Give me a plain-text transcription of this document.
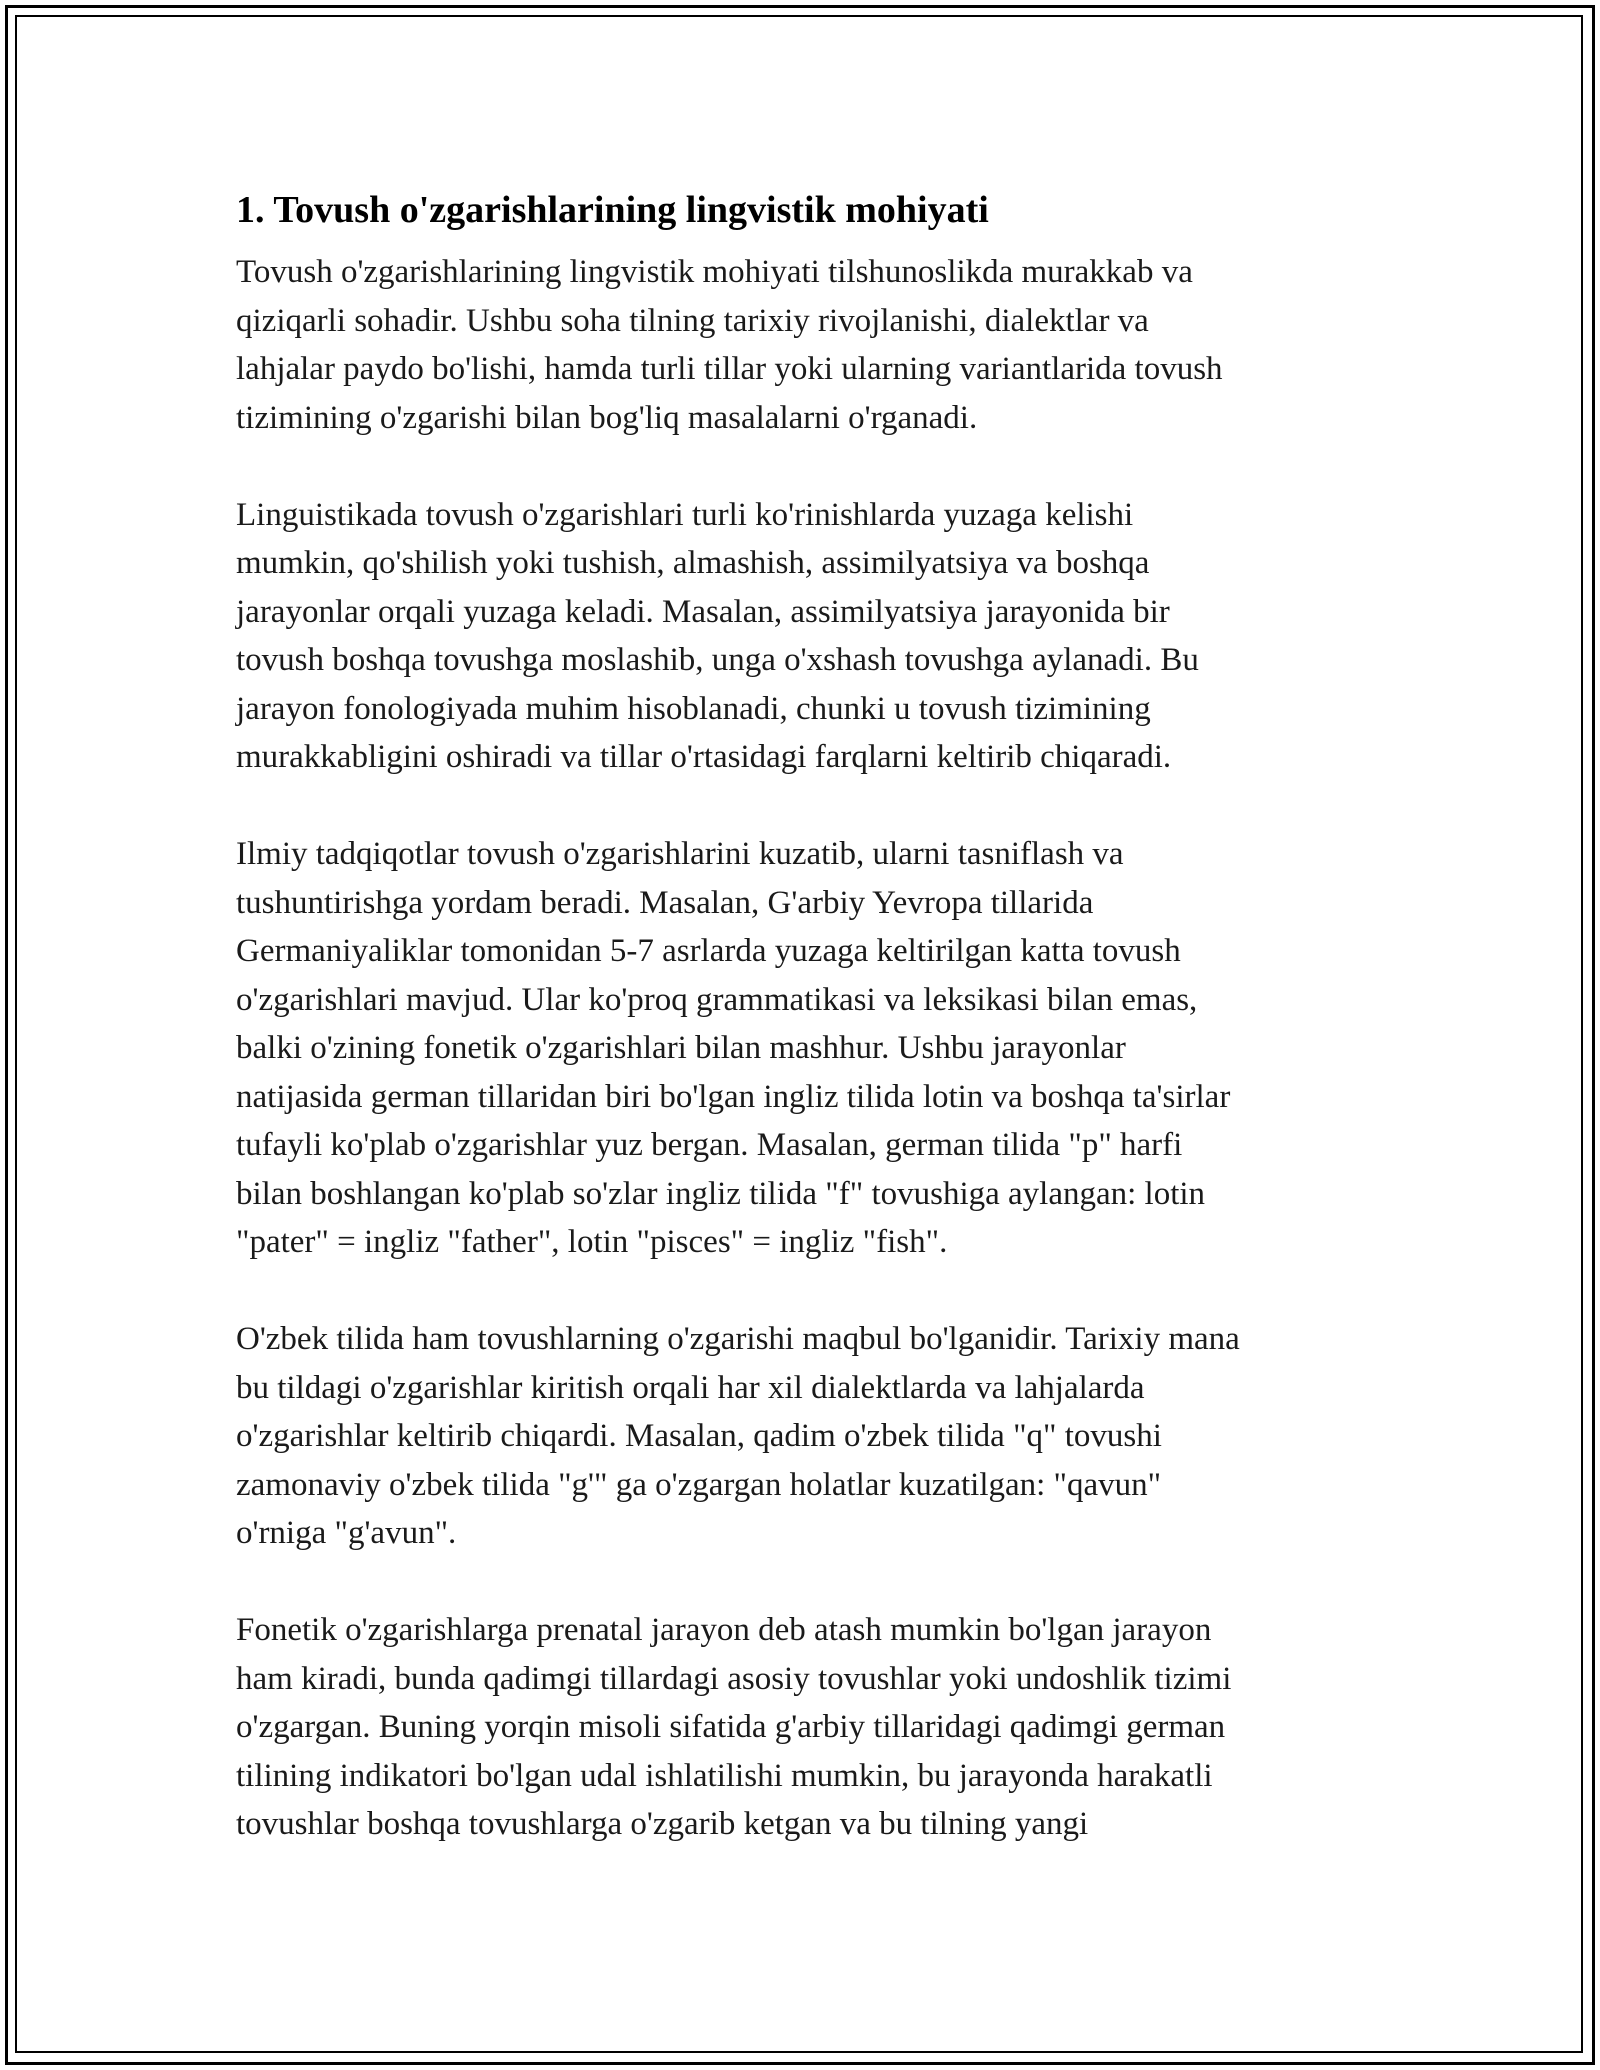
1. Tovush o'zgarishlarining lingvistik mohiyati

Tovush o'zgarishlarining lingvistik mohiyati tilshunoslikda murakkab va
qiziqarli sohadir. Ushbu soha tilning tarixiy rivojlanishi, dialektlar va
lahjalar paydo bo'lishi, hamda turli tillar yoki ularning variantlarida tovush
tizimining o'zgarishi bilan bog'liq masalalarni o'rganadi.

Linguistikada tovush o'zgarishlari turli ko'rinishlarda yuzaga kelishi
mumkin, qo'shilish yoki tushish, almashish, assimilyatsiya va boshqa
jarayonlar orqali yuzaga keladi. Masalan, assimilyatsiya jarayonida bir
tovush boshqa tovushga moslashib, unga o'xshash tovushga aylanadi. Bu
jarayon fonologiyada muhim hisoblanadi, chunki u tovush tizimining
murakkabligini oshiradi va tillar o'rtasidagi farqlarni keltirib chiqaradi.

Ilmiy tadqiqotlar tovush o'zgarishlarini kuzatib, ularni tasniflash va
tushuntirishga yordam beradi. Masalan, G'arbiy Yevropa tillarida
Germaniyaliklar tomonidan 5-7 asrlarda yuzaga keltirilgan katta tovush
o'zgarishlari mavjud. Ular ko'proq grammatikasi va leksikasi bilan emas,
balki o'zining fonetik o'zgarishlari bilan mashhur. Ushbu jarayonlar
natijasida german tillaridan biri bo'lgan ingliz tilida lotin va boshqa ta'sirlar
tufayli ko'plab o'zgarishlar yuz bergan. Masalan, german tilida "p" harfi
bilan boshlangan ko'plab so'zlar ingliz tilida "f" tovushiga aylangan: lotin
"pater" = ingliz "father", lotin "pisces" = ingliz "fish".

O'zbek tilida ham tovushlarning o'zgarishi maqbul bo'lganidir. Tarixiy mana
bu tildagi o'zgarishlar kiritish orqali har xil dialektlarda va lahjalarda
o'zgarishlar keltirib chiqardi. Masalan, qadim o'zbek tilida "q" tovushi
zamonaviy o'zbek tilida "g'" ga o'zgargan holatlar kuzatilgan: "qavun"
o'rniga "g'avun".

Fonetik o'zgarishlarga prenatal jarayon deb atash mumkin bo'lgan jarayon
ham kiradi, bunda qadimgi tillardagi asosiy tovushlar yoki undoshlik tizimi
o'zgargan. Buning yorqin misoli sifatida g'arbiy tillaridagi qadimgi german
tilining indikatori bo'lgan udal ishlatilishi mumkin, bu jarayonda harakatli
tovushlar boshqa tovushlarga o'zgarib ketgan va bu tilning yangi
